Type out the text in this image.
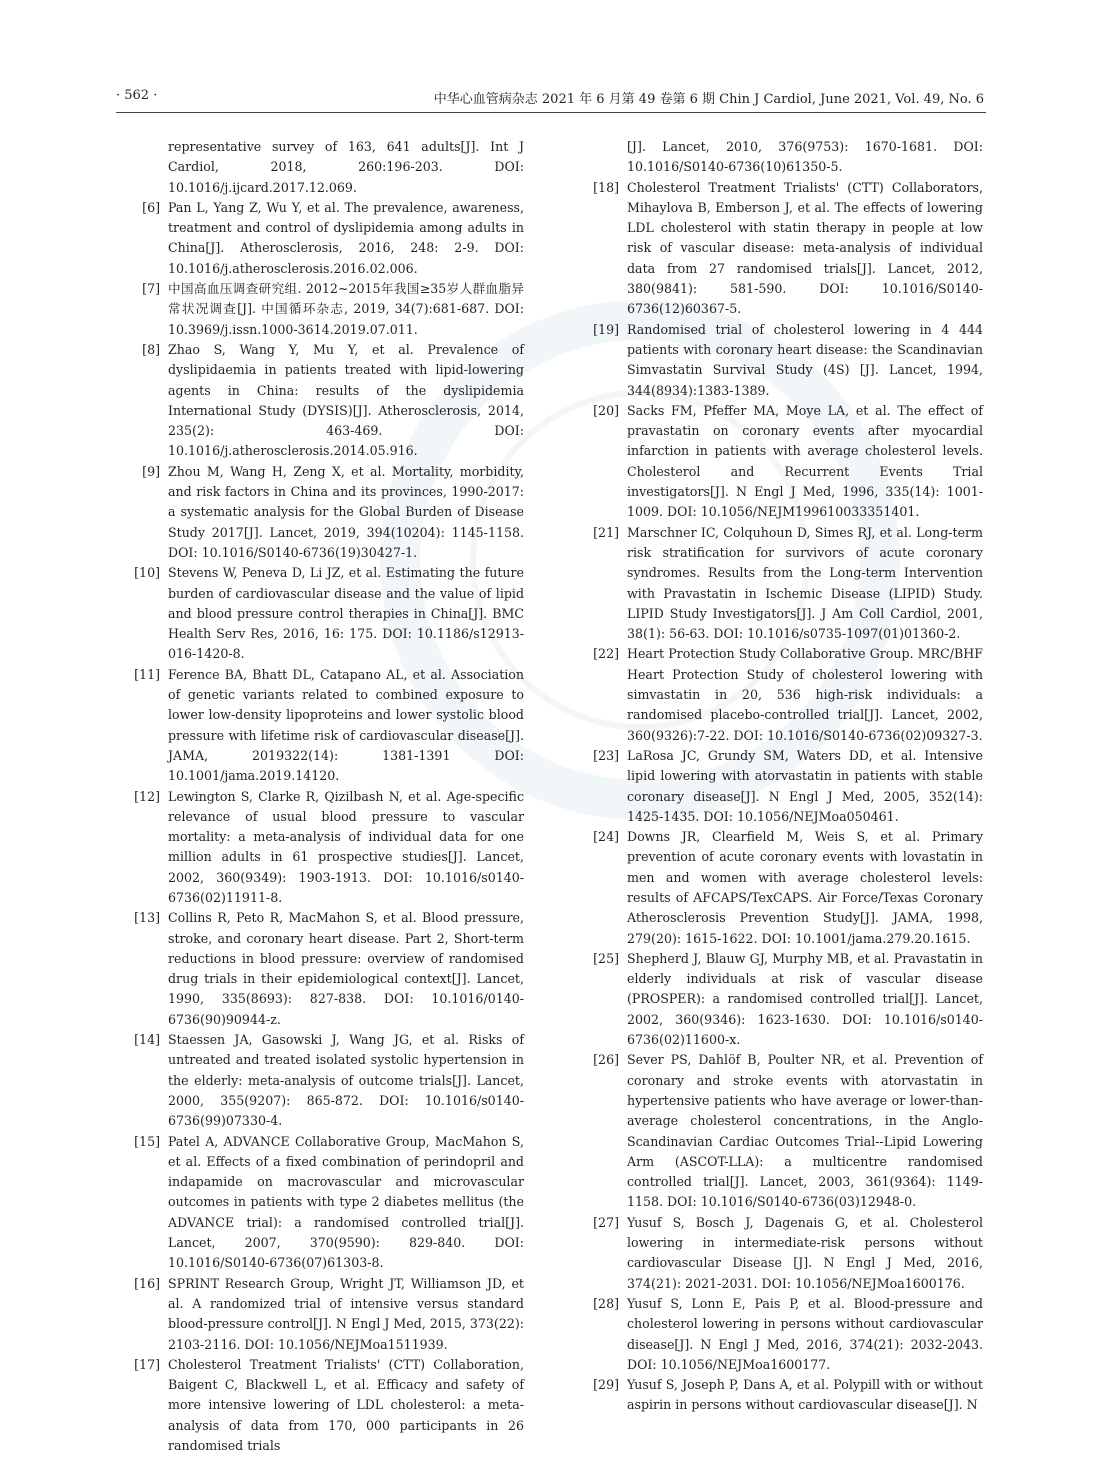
· 562 ·	中华心血管病杂志 2021 年 6 月第 49 卷第 6 期 Chin J Cardiol, June 2021, Vol. 49, No. 6
representative survey of 163, 641 adults[J]. Int J Cardiol, 2018, 260:196-203. DOI: 10.1016/j.ijcard.2017.12.069.
[6] Pan L, Yang Z, Wu Y, et al. The prevalence, awareness, treatment and control of dyslipidemia among adults in China[J]. Atherosclerosis, 2016, 248: 2-9. DOI: 10.1016/j.atherosclerosis.2016.02.006.
[7] 中国高血压调查研究组. 2012~2015年我国≥35岁人群血脂异常状况调查[J]. 中国循环杂志, 2019, 34(7):681-687. DOI: 10.3969/j.issn.1000-3614.2019.07.011.
[8] Zhao S, Wang Y, Mu Y, et al. Prevalence of dyslipidaemia in patients treated with lipid-lowering agents in China: results of the dyslipidemia International Study (DYSIS)[J]. Atherosclerosis, 2014, 235(2): 463-469. DOI: 10.1016/j.atherosclerosis.2014.05.916.
[9] Zhou M, Wang H, Zeng X, et al. Mortality, morbidity, and risk factors in China and its provinces, 1990-2017: a systematic analysis for the Global Burden of Disease Study 2017[J]. Lancet, 2019, 394(10204): 1145-1158. DOI: 10.1016/S0140-6736(19)30427-1.
[10] Stevens W, Peneva D, Li JZ, et al. Estimating the future burden of cardiovascular disease and the value of lipid and blood pressure control therapies in China[J]. BMC Health Serv Res, 2016, 16: 175. DOI: 10.1186/s12913-016-1420-8.
[11] Ference BA, Bhatt DL, Catapano AL, et al. Association of genetic variants related to combined exposure to lower low-density lipoproteins and lower systolic blood pressure with lifetime risk of cardiovascular disease[J]. JAMA, 2019322(14): 1381-1391 DOI: 10.1001/jama.2019.14120.
[12] Lewington S, Clarke R, Qizilbash N, et al. Age-specific relevance of usual blood pressure to vascular mortality: a meta-analysis of individual data for one million adults in 61 prospective studies[J]. Lancet, 2002, 360(9349): 1903-1913. DOI: 10.1016/s0140-6736(02)11911-8.
[13] Collins R, Peto R, MacMahon S, et al. Blood pressure, stroke, and coronary heart disease. Part 2, Short-term reductions in blood pressure: overview of randomised drug trials in their epidemiological context[J]. Lancet, 1990, 335(8693): 827-838. DOI: 10.1016/0140-6736(90)90944-z.
[14] Staessen JA, Gasowski J, Wang JG, et al. Risks of untreated and treated isolated systolic hypertension in the elderly: meta-analysis of outcome trials[J]. Lancet, 2000, 355(9207): 865-872. DOI: 10.1016/s0140-6736(99)07330-4.
[15] Patel A, ADVANCE Collaborative Group, MacMahon S, et al. Effects of a fixed combination of perindopril and indapamide on macrovascular and microvascular outcomes in patients with type 2 diabetes mellitus (the ADVANCE trial): a randomised controlled trial[J]. Lancet, 2007, 370(9590): 829-840. DOI: 10.1016/S0140-6736(07)61303-8.
[16] SPRINT Research Group, Wright JT, Williamson JD, et al. A randomized trial of intensive versus standard blood-pressure control[J]. N Engl J Med, 2015, 373(22): 2103-2116. DOI: 10.1056/NEJMoa1511939.
[17] Cholesterol Treatment Trialists' (CTT) Collaboration, Baigent C, Blackwell L, et al. Efficacy and safety of more intensive lowering of LDL cholesterol: a meta-analysis of data from 170, 000 participants in 26 randomised trials
[J]. Lancet, 2010, 376(9753): 1670-1681. DOI: 10.1016/S0140-6736(10)61350-5.
[18] Cholesterol Treatment Trialists' (CTT) Collaborators, Mihaylova B, Emberson J, et al. The effects of lowering LDL cholesterol with statin therapy in people at low risk of vascular disease: meta-analysis of individual data from 27 randomised trials[J]. Lancet, 2012, 380(9841): 581-590. DOI: 10.1016/S0140-6736(12)60367-5.
[19] Randomised trial of cholesterol lowering in 4 444 patients with coronary heart disease: the Scandinavian Simvastatin Survival Study (4S) [J]. Lancet, 1994, 344(8934):1383-1389.
[20] Sacks FM, Pfeffer MA, Moye LA, et al. The effect of pravastatin on coronary events after myocardial infarction in patients with average cholesterol levels. Cholesterol and Recurrent Events Trial investigators[J]. N Engl J Med, 1996, 335(14): 1001-1009. DOI: 10.1056/NEJM199610033351401.
[21] Marschner IC, Colquhoun D, Simes RJ, et al. Long-term risk stratification for survivors of acute coronary syndromes. Results from the Long-term Intervention with Pravastatin in Ischemic Disease (LIPID) Study. LIPID Study Investigators[J]. J Am Coll Cardiol, 2001, 38(1): 56-63. DOI: 10.1016/s0735-1097(01)01360-2.
[22] Heart Protection Study Collaborative Group. MRC/BHF Heart Protection Study of cholesterol lowering with simvastatin in 20, 536 high-risk individuals: a randomised placebo-controlled trial[J]. Lancet, 2002, 360(9326):7-22. DOI: 10.1016/S0140-6736(02)09327-3.
[23] LaRosa JC, Grundy SM, Waters DD, et al. Intensive lipid lowering with atorvastatin in patients with stable coronary disease[J]. N Engl J Med, 2005, 352(14): 1425-1435. DOI: 10.1056/NEJMoa050461.
[24] Downs JR, Clearfield M, Weis S, et al. Primary prevention of acute coronary events with lovastatin in men and women with average cholesterol levels: results of AFCAPS/TexCAPS. Air Force/Texas Coronary Atherosclerosis Prevention Study[J]. JAMA, 1998, 279(20): 1615-1622. DOI: 10.1001/jama.279.20.1615.
[25] Shepherd J, Blauw GJ, Murphy MB, et al. Pravastatin in elderly individuals at risk of vascular disease (PROSPER): a randomised controlled trial[J]. Lancet, 2002, 360(9346): 1623-1630. DOI: 10.1016/s0140-6736(02)11600-x.
[26] Sever PS, Dahlöf B, Poulter NR, et al. Prevention of coronary and stroke events with atorvastatin in hypertensive patients who have average or lower-than-average cholesterol concentrations, in the Anglo-Scandinavian Cardiac Outcomes Trial--Lipid Lowering Arm (ASCOT-LLA): a multicentre randomised controlled trial[J]. Lancet, 2003, 361(9364): 1149-1158. DOI: 10.1016/S0140-6736(03)12948-0.
[27] Yusuf S, Bosch J, Dagenais G, et al. Cholesterol lowering in intermediate-risk persons without cardiovascular Disease [J]. N Engl J Med, 2016, 374(21): 2021-2031. DOI: 10.1056/NEJMoa1600176.
[28] Yusuf S, Lonn E, Pais P, et al. Blood-pressure and cholesterol lowering in persons without cardiovascular disease[J]. N Engl J Med, 2016, 374(21): 2032-2043. DOI: 10.1056/NEJMoa1600177.
[29] Yusuf S, Joseph P, Dans A, et al. Polypill with or without aspirin in persons without cardiovascular disease[J]. N
